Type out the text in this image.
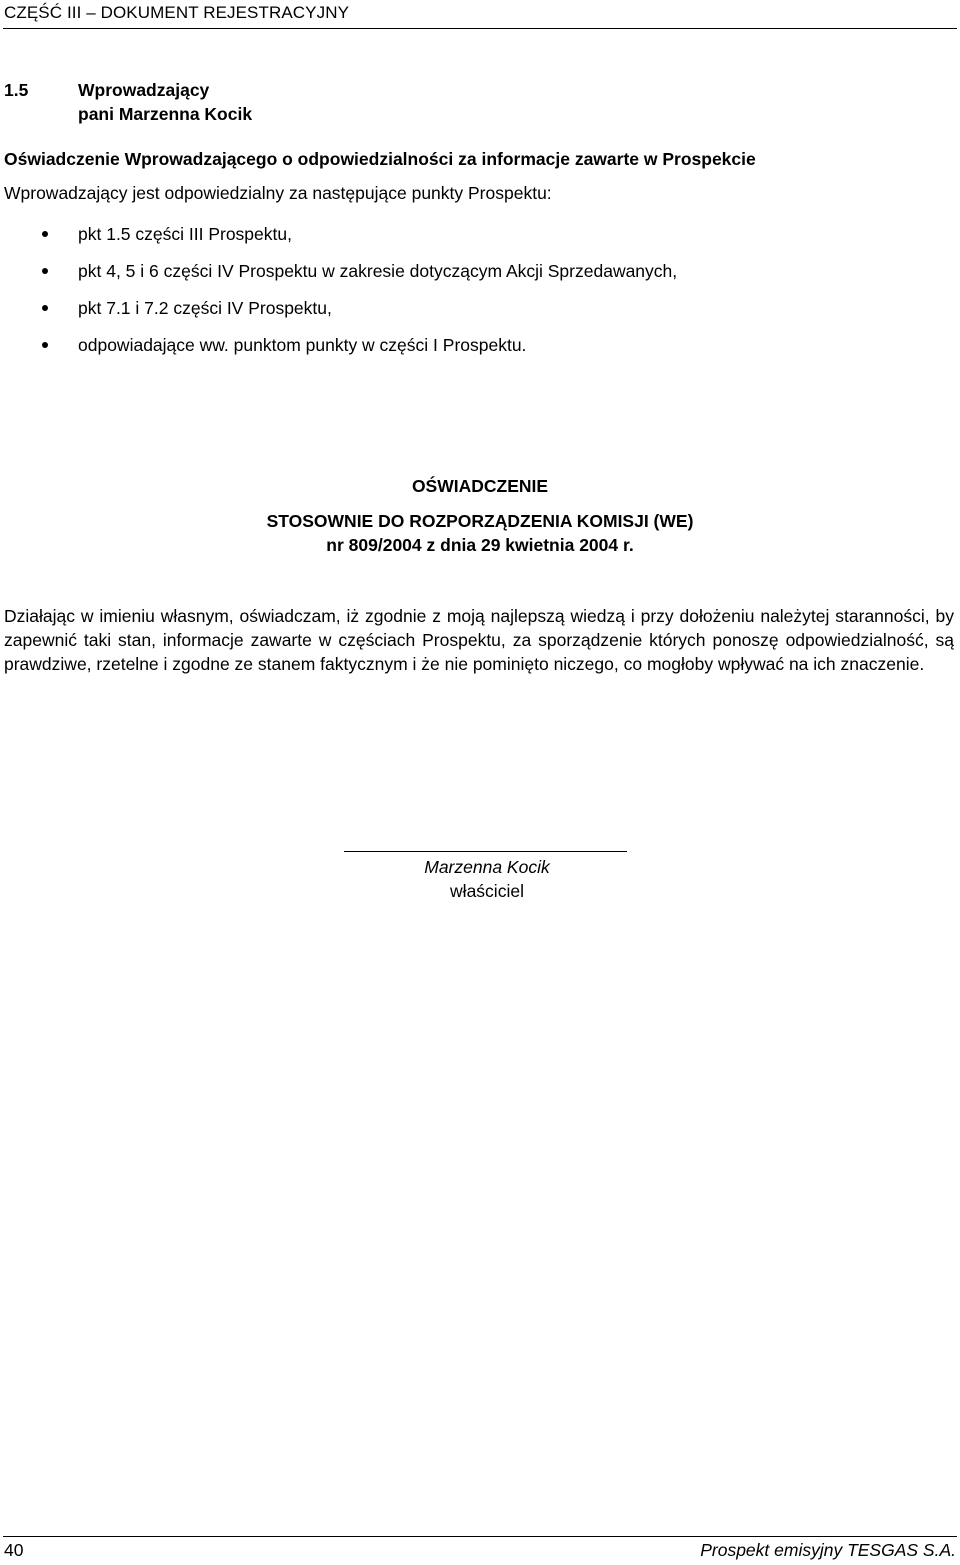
CZĘŚĆ III – DOKUMENT REJESTRACYJNY
1.5	Wprowadzający
pani Marzenna Kocik
Oświadczenie Wprowadzającego o odpowiedzialności za informacje zawarte w Prospekcie
Wprowadzający jest odpowiedzialny za następujące punkty Prospektu:
pkt 1.5 części III Prospektu,
pkt 4, 5 i 6 części IV Prospektu w zakresie dotyczącym Akcji Sprzedawanych,
pkt 7.1 i 7.2 części IV Prospektu,
odpowiadające ww. punktom punkty w części I Prospektu.
OŚWIADCZENIE
STOSOWNIE DO ROZPORZĄDZENIA KOMISJI (WE)
nr 809/2004 z dnia 29 kwietnia 2004 r.
Działając w imieniu własnym, oświadczam, iż zgodnie z moją najlepszą wiedzą i przy dołożeniu należytej staranności, by zapewnić taki stan, informacje zawarte w częściach Prospektu, za sporządzenie których ponoszę odpowiedzialność, są prawdziwe, rzetelne i zgodne ze stanem faktycznym i że nie pominięto niczego, co mogłoby wpływać na ich znaczenie.
Marzenna Kocik
właściciel
40	Prospekt emisyjny TESGAS S.A.
